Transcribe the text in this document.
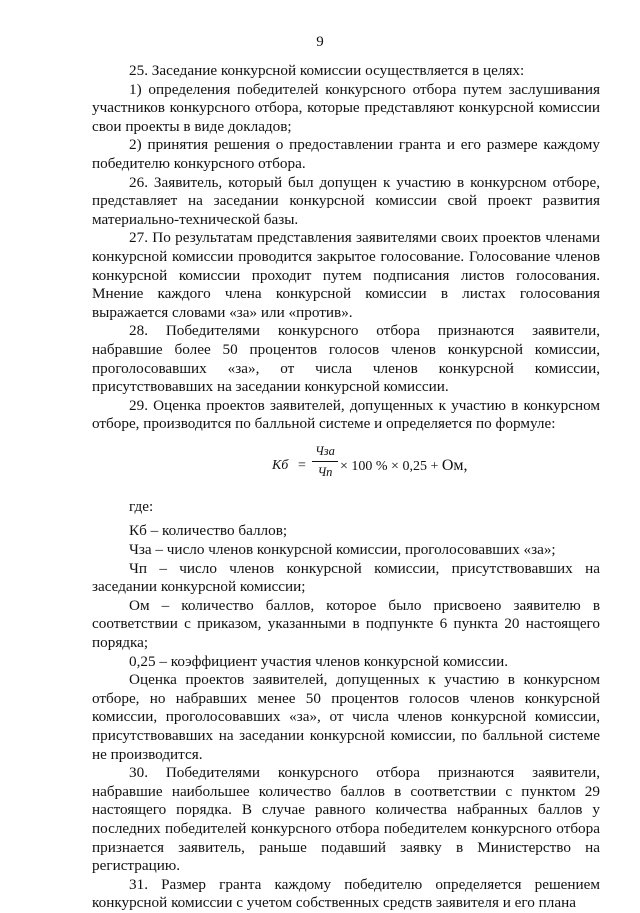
9

25. Заседание конкурсной комиссии осуществляется в целях:

1) определения победителей конкурсного отбора путем заслушивания участников конкурсного отбора, которые представляют конкурсной комиссии свои проекты в виде докладов;

2) принятия решения о предоставлении гранта и его размере каждому победителю конкурсного отбора.

26. Заявитель, который был допущен к участию в конкурсном отборе, представляет на заседании конкурсной комиссии свой проект развития материально-технической базы.

27. По результатам представления заявителями своих проектов членами конкурсной комиссии проводится закрытое голосование. Голосование членов конкурсной комиссии проходит путем подписания листов голосования. Мнение каждого члена конкурсной комиссии в листах голосования выражается словами «за» или «против».

28. Победителями конкурсного отбора признаются заявители, набравшие более 50 процентов голосов членов конкурсной комиссии, проголосовавших «за», от числа членов конкурсной комиссии, присутствовавших на заседании конкурсной комиссии.

29. Оценка проектов заявителей, допущенных к участию в конкурсном отборе, производится по балльной системе и определяется по формуле:

Кб =
Чза
Чп × 100 % × 0,25 + Ом,

где:

Кб – количество баллов;

Чза – число членов конкурсной комиссии, проголосовавших «за»;

Чп – число членов конкурсной комиссии, присутствовавших на заседании конкурсной комиссии;

Ом – количество баллов, которое было присвоено заявителю в соответствии с приказом, указанными в подпункте 6 пункта 20 настоящего порядка;

0,25 – коэффициент участия членов конкурсной комиссии.

Оценка проектов заявителей, допущенных к участию в конкурсном отборе, но набравших менее 50 процентов голосов членов конкурсной комиссии, проголосовавших «за», от числа членов конкурсной комиссии, присутствовавших на заседании конкурсной комиссии, по балльной системе не производится.

30. Победителями конкурсного отбора признаются заявители, набравшие наибольшее количество баллов в соответствии с пунктом 29 настоящего порядка. В случае равного количества набранных баллов у последних победителей конкурсного отбора победителем конкурсного отбора признается заявитель, раньше подавший заявку в Министерство на регистрацию.

31. Размер гранта каждому победителю определяется решением конкурсной комиссии с учетом собственных средств заявителя и его плана
